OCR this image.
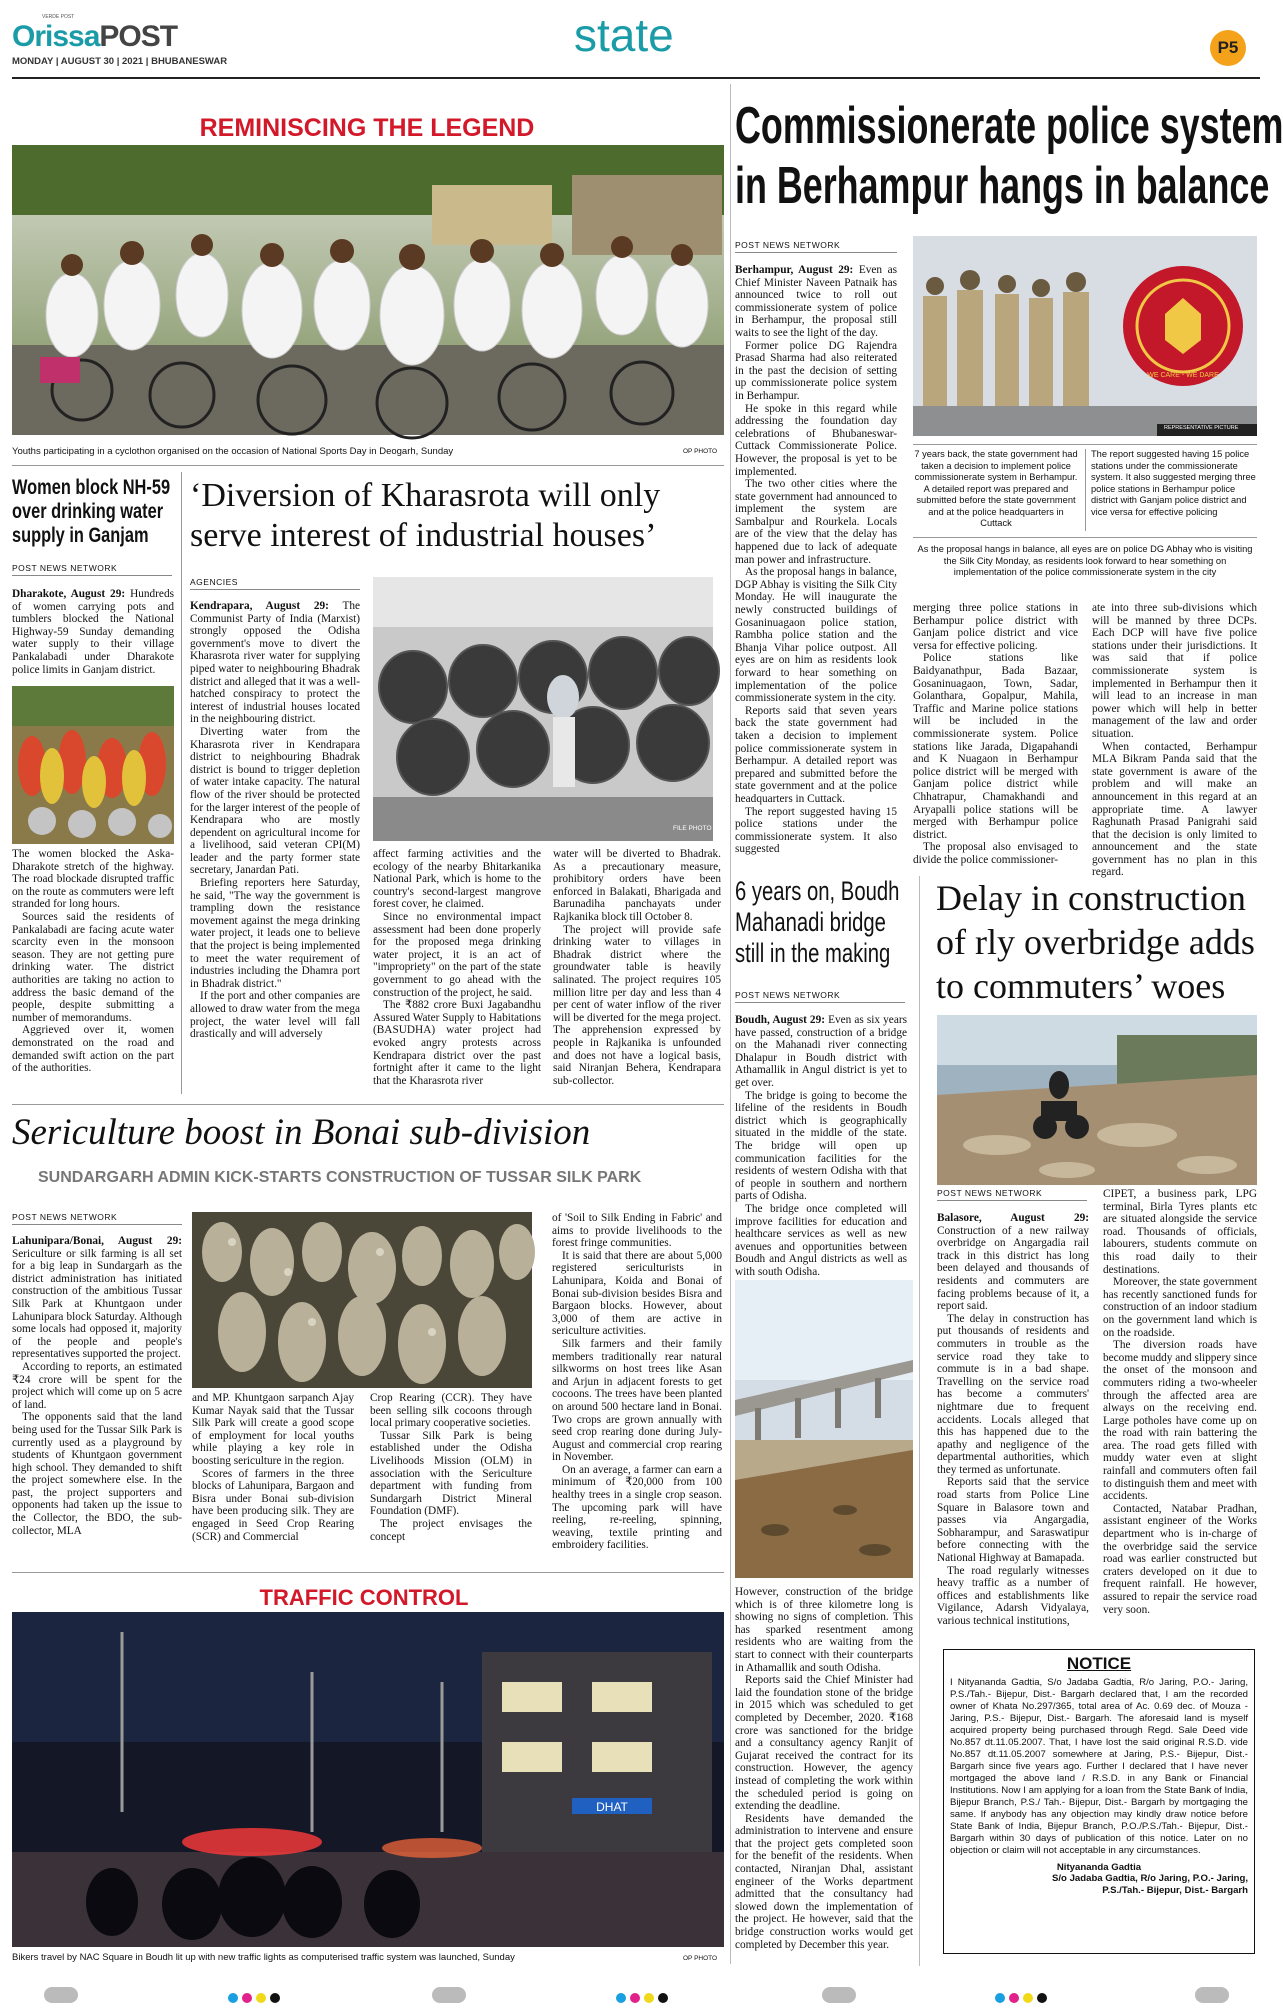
VERDE POST
OrissaPOST
MONDAY | AUGUST 30 | 2021 | BHUBANESWAR
state	P5
REMINISCING THE LEGEND
Youths participating in a cyclothon organised on the occasion of National Sports Day in Deogarh, Sunday	OP PHOTO
Women block NH-59
over drinking water
supply in Ganjam
POST NEWS NETWORK

Dharakote, August 29: Hundreds of women carrying pots and tumblers blocked the National Highway-59 Sunday demanding water supply to their village Pankalabadi under Dharakote police limits in Ganjam district.

The women blocked the Aska-Dharakote stretch of the highway. The road blockade disrupted traffic on the route as commuters were left stranded for long hours.

Sources said the residents of Pankalabadi are facing acute water scarcity even in the monsoon season. They are not getting pure drinking water. The district authorities are taking no action to address the basic demand of the people, despite submitting a number of memorandums.

Aggrieved over it, women demonstrated on the road and demanded swift action on the part of the authorities.

‘Diversion of Kharasrota will only
serve interest of industrial houses’
AGENCIES

Kendrapara, August 29: The Communist Party of India (Marxist) strongly opposed the Odisha government's move to divert the Kharasrota river water for supplying piped water to neighbouring Bhadrak district and alleged that it was a well-hatched conspiracy to protect the interest of industrial houses located in the neighbouring district.

Diverting water from the Kharasrota river in Kendrapara district to neighbouring Bhadrak district is bound to trigger depletion of water intake capacity. The natural flow of the river should be protected for the larger interest of the people of Kendrapara who are mostly dependent on agricultural income for a livelihood, said veteran CPI(M) leader and the party former state secretary, Janardan Pati.

Briefing reporters here Saturday, he said, "The way the government is trampling down the resistance movement against the mega drinking water project, it leads one to believe that the project is being implemented to meet the water requirement of industries including the Dhamra port in Bhadrak district."

If the port and other companies are allowed to draw water from the mega project, the water level will fall drastically and will adversely

FILE PHOTO

affect farming activities and the ecology of the nearby Bhitarkanika National Park, which is home to the country's second-largest mangrove forest cover, he claimed.

Since no environmental impact assessment had been done properly for the proposed mega drinking water project, it is an act of "impropriety" on the part of the state government to go ahead with the construction of the project, he said.

The ₹882 crore Buxi Jagabandhu Assured Water Supply to Habitations (BASUDHA) water project had evoked angry protests across Kendrapara district over the past fortnight after it came to the light that the Kharasrota river

water will be diverted to Bhadrak. As a precautionary measure, prohibitory orders have been enforced in Balakati, Bharigada and Barunadiha panchayats under Rajkanika block till October 8.

The project will provide safe drinking water to villages in Bhadrak district where the groundwater table is heavily salinated. The project requires 105 million litre per day and less than 4 per cent of water inflow of the river will be diverted for the mega project. The apprehension expressed by people in Rajkanika is unfounded and does not have a logical basis, said Niranjan Behera, Kendrapara sub-collector.

Sericulture boost in Bonai sub-division
SUNDARGARH ADMIN KICK-STARTS CONSTRUCTION OF TUSSAR SILK PARK
POST NEWS NETWORK

Lahunipara/Bonai, August 29: Sericulture or silk farming is all set for a big leap in Sundargarh as the district administration has initiated construction of the ambitious Tussar Silk Park at Khuntgaon under Lahunipara block Saturday. Although some locals had opposed it, majority of the people and people's representatives supported the project.

According to reports, an estimated ₹24 crore will be spent for the project which will come up on 5 acre of land.

The opponents said that the land being used for the Tussar Silk Park is currently used as a playground by students of Khuntgaon government high school. They demanded to shift the project somewhere else. In the past, the project supporters and opponents had taken up the issue to the Collector, the BDO, the sub-collector, MLA

and MP. Khuntgaon sarpanch Ajay Kumar Nayak said that the Tussar Silk Park will create a good scope of employment for local youths while playing a key role in boosting sericulture in the region.

Scores of farmers in the three blocks of Lahunipara, Bargaon and Bisra under Bonai sub-division have been producing silk. They are engaged in Seed Crop Rearing (SCR) and Commercial

Crop Rearing (CCR). They have been selling silk cocoons through local primary cooperative societies.

Tussar Silk Park is being established under the Odisha Livelihoods Mission (OLM) in association with the Sericulture department with funding from Sundargarh District Mineral Foundation (DMF).

The project envisages the concept

of 'Soil to Silk Ending in Fabric' and aims to provide livelihoods to the forest fringe communities.

It is said that there are about 5,000 registered sericulturists in Lahunipara, Koida and Bonai of Bonai sub-division besides Bisra and Bargaon blocks. However, about 3,000 of them are active in sericulture activities.

Silk farmers and their family members traditionally rear natural silkworms on host trees like Asan and Arjun in adjacent forests to get cocoons. The trees have been planted on around 500 hectare land in Bonai. Two crops are grown annually with seed crop rearing done during July-August and commercial crop rearing in November.

On an average, a farmer can earn a minimum of ₹20,000 from 100 healthy trees in a single crop season. The upcoming park will have reeling, re-reeling, spinning, weaving, textile printing and embroidery facilities.

TRAFFIC CONTROL
DHAT
Bikers travel by NAC Square in Boudh lit up with new traffic lights as computerised traffic system was launched, Sunday	OP PHOTO
Commissionerate police system
in Berhampur hangs in balance
POST NEWS NETWORK

Berhampur, August 29: Even as Chief Minister Naveen Patnaik has announced twice to roll out commissionerate system of police in Berhampur, the proposal still waits to see the light of the day.

Former police DG Rajendra Prasad Sharma had also reiterated in the past the decision of setting up commissionerate police system in Berhampur.

He spoke in this regard while addressing the foundation day celebrations of Bhubaneswar-Cuttack Commissionerate Police. However, the proposal is yet to be implemented.

The two other cities where the state government had announced to implement the system are Sambalpur and Rourkela. Locals are of the view that the delay has happened due to lack of adequate man power and infrastructure.

As the proposal hangs in balance, DGP Abhay is visiting the Silk City Monday. He will inaugurate the newly constructed buildings of Gosaninuagaon police station, Rambha police station and the Bhanja Vihar police outpost. All eyes are on him as residents look forward to hear something on implementation of the police commissionerate system in the city.

Reports said that seven years back the state government had taken a decision to implement police commissionerate system in Berhampur. A detailed report was prepared and submitted before the state government and at the police headquarters in Cuttack.

The report suggested having 15 police stations under the commissionerate system. It also suggested

WE CARE - WE DARE
REPRESENTATIVE PICTURE
7 years back, the state government had taken a decision to implement police commissionerate system in Berhampur. A detailed report was prepared and submitted before the state government and at the police headquarters in Cuttack
The report suggested having 15 police stations under the commissionerate system. It also suggested merging three police stations in Berhampur police district with Ganjam police district and vice versa for effective policing
As the proposal hangs in balance, all eyes are on police DG Abhay who is visiting the Silk City Monday, as residents look forward to hear something on implementation of the police commissionerate system in the city

merging three police stations in Berhampur police district with Ganjam police district and vice versa for effective policing.

Police stations like Baidyanathpur, Bada Bazaar, Gosaninuagaon, Town, Sadar, Golanthara, Gopalpur, Mahila, Traffic and Marine police stations will be included in the commissionerate system. Police stations like Jarada, Digapahandi and K Nuagaon in Berhampur police district will be merged with Ganjam police district while Chhatrapur, Chamakhandi and Aryapalli police stations will be merged with Berhampur police district.

The proposal also envisaged to divide the police commissioner-

ate into three sub-divisions which will be manned by three DCPs. Each DCP will have five police stations under their jurisdictions. It was said that if police commissionerate system is implemented in Berhampur then it will lead to an increase in man power which will help in better management of the law and order situation.

When contacted, Berhampur MLA Bikram Panda said that the state government is aware of the problem and will make an announcement in this regard at an appropriate time. A lawyer Raghunath Prasad Panigrahi said that the decision is only limited to announcement and the state government has no plan in this regard.

6 years on, Boudh
Mahanadi bridge
still in the making
POST NEWS NETWORK

Boudh, August 29: Even as six years have passed, construction of a bridge on the Mahanadi river connecting Dhalapur in Boudh district with Athamallik in Angul district is yet to get over.

The bridge is going to become the lifeline of the residents in Boudh district which is geographically situated in the middle of the state. The bridge will open up communication facilities for the residents of western Odisha with that of people in southern and northern parts of Odisha.

The bridge once completed will improve facilities for education and healthcare services as well as new avenues and opportunities between Boudh and Angul districts as well as with south Odisha.

However, construction of the bridge which is of three kilometre long is showing no signs of completion. This has sparked resentment among residents who are waiting from the start to connect with their counterparts in Athamallik and south Odisha.

Reports said the Chief Minister had laid the foundation stone of the bridge in 2015 which was scheduled to get completed by December, 2020. ₹168 crore was sanctioned for the bridge and a consultancy agency Ranjit of Gujarat received the contract for its construction. However, the agency instead of completing the work within the scheduled period is going on extending the deadline.

Residents have demanded the administration to intervene and ensure that the project gets completed soon for the benefit of the residents. When contacted, Niranjan Dhal, assistant engineer of the Works department admitted that the consultancy had slowed down the implementation of the project. He however, said that the bridge construction works would get completed by December this year.

Delay in construction
of rly overbridge adds
to commuters’ woes
POST NEWS NETWORK

Balasore, August 29: Construction of a new railway overbridge on Angargadia rail track in this district has long been delayed and thousands of residents and commuters are facing problems because of it, a report said.

The delay in construction has put thousands of residents and commuters in trouble as the service road they take to commute is in a bad shape. Travelling on the service road has become a commuters' nightmare due to frequent accidents. Locals alleged that this has happened due to the apathy and negligence of the departmental authorities, which they termed as unfortunate.

Reports said that the service road starts from Police Line Square in Balasore town and passes via Angargadia, Sobharampur, and Saraswatipur before connecting with the National Highway at Bamapada.

The road regularly witnesses heavy traffic as a number of offices and establishments like Vigilance, Adarsh Vidyalaya, various technical institutions,

CIPET, a business park, LPG terminal, Birla Tyres plants etc are situated alongside the service road. Thousands of officials, labourers, students commute on this road daily to their destinations.

Moreover, the state government has recently sanctioned funds for construction of an indoor stadium on the government land which is on the roadside.

The diversion roads have become muddy and slippery since the onset of the monsoon and commuters riding a two-wheeler through the affected area are always on the receiving end. Large potholes have come up on the road with rain battering the area. The road gets filled with muddy water even at slight rainfall and commuters often fail to distinguish them and meet with accidents.

Contacted, Natabar Pradhan, assistant engineer of the Works department who is in-charge of the overbridge said the service road was earlier constructed but craters developed on it due to frequent rainfall. He however, assured to repair the service road very soon.

NOTICE
I Nityananda Gadtia, S/o Jadaba Gadtia, R/o Jaring, P.O.- Jaring, P.S./Tah.- Bijepur, Dist.- Bargarh declared that, I am the recorded owner of Khata No.297/365, total area of Ac. 0.69 dec. of Mouza - Jaring, P.S.- Bijepur, Dist.- Bargarh. The aforesaid land is myself acquired property being purchased through Regd. Sale Deed vide No.857 dt.11.05.2007. That, I have lost the said original R.S.D. vide No.857 dt.11.05.2007 somewhere at Jaring, P.S.- Bijepur, Dist.- Bargarh since five years ago. Further I declared that I have never mortgaged the above land / R.S.D. in any Bank or Financial Institutions. Now I am applying for a loan from the State Bank of India, Bijepur Branch, P.S./ Tah.- Bijepur, Dist.- Bargarh by mortgaging the same. If anybody has any objection may kindly draw notice before State Bank of India, Bijepur Branch, P.O./P.S./Tah.- Bijepur, Dist.- Bargarh within 30 days of publication of this notice. Later on no objection or claim will not acceptable in any circumstances.
Nityananda Gadtia
S/o Jadaba Gadtia, R/o Jaring, P.O.- Jaring,
P.S./Tah.- Bijepur, Dist.- Bargarh
